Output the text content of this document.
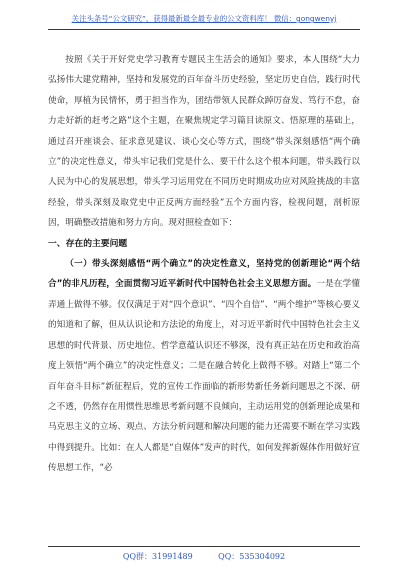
关注头条号“公文研究”，获得最新最全最专业的公文资料库！ 微信：gongwenyj

按照《关于开好党史学习教育专题民主生活会的通知》要求，本人围绕“大力弘扬伟大建党精神，坚持和发展党的百年奋斗历史经验，坚定历史自信，践行时代使命，厚植为民情怀，勇于担当作为，团结带领人民群众踔厉奋发、笃行不怠，奋力走好新的赶考之路”这个主题，在聚焦规定学习篇目读原文、悟原理的基础上，通过召开座谈会、征求意见建议、谈心交心等方式，围绕“带头深刻感悟“两个确立”的决定性意义，带头牢记我们党是什么、要干什么这个根本问题，带头践行以人民为中心的发展思想，带头学习运用党在不同历史时期成功应对风险挑战的丰富经验，带头深刻及取党史中正反两方面经验”五个方面内容，检视问题，剖析原因，明确整改措施和努力方向。现对照检查如下：

一、存在的主要问题

（一）带头深刻感悟“两个确立”的决定性意义，坚持党的创新理论“两个结合”的非凡历程，全面贯彻习近平新时代中国特色社会主义思想方面。一是在学懂弄通上做得不够。仅仅满足于对“四个意识”、“四个自信”、“两个维护”等核心要义的知道和了解，但从认识论和方法论的角度上，对习近平新时代中国特色社会主义思想的时代背景、历史地位、哲学意蕴认识还不够深，没有真正站在历史和政治高度上领悟“两个确立”的决定性意义；二是在融合转化上做得不够。对踏上“第二个百年奋斗目标”新征程后，党的宣传工作面临的新形势新任务新问题思之不深、研之不透，仍然存在用惯性思维思考新问题不良倾向，主动运用党的创新理论成果和马克思主义的立场、观点、方法分析问题和解决问题的能力还需要不断在学习实践中得到提升。比如：在人人都是“自媒体”发声的时代，如何发挥新媒体作用做好宣传思想工作，“必

QQ群：31991489	QQ：535304092
